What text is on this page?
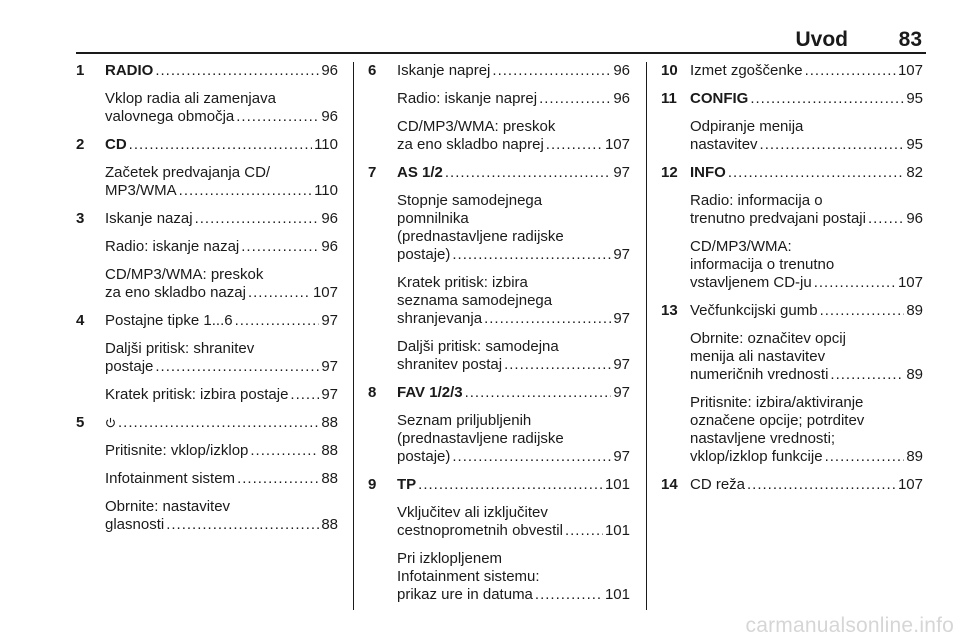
Uvod 83
1 RADIO .....	96
Vklop radia ali zamenjava
valovnega območja .....	96
2 CD .....	110
Začetek predvajanja CD/
MP3/WMA .....	110
3 Iskanje nazaj .....	96
Radio: iskanje nazaj .....	96
CD/MP3/WMA: preskok
za eno skladbo nazaj .....	107
4 Postajne tipke 1...6 .....	97
Daljši pritisk: shranitev
postaje .....	97
Kratek pritisk: izbira postaje ..... 97
5 .....	88
Pritisnite: vklop/izklop .....	88
Infotainment sistem .....	88
Obrnite: nastavitev
glasnosti .....	88
6 Iskanje naprej .....	96
Radio: iskanje naprej .....	96
CD/MP3/WMA: preskok
za eno skladbo naprej .....	107
7 AS 1/2 .....	97
Stopnje samodejnega
pomnilnika
(prednastavljene radijske
postaje) .....	97
Kratek pritisk: izbira
seznama samodejnega
shranjevanja .....	97
Daljši pritisk: samodejna
shranitev postaj .....	97
8 FAV 1/2/3 .....	97
Seznam priljubljenih
(prednastavljene radijske
postaje) .....	97
9 TP .....	101
Vključitev ali izključitev
cestnoprometnih obvestil .....	101
Pri izklopljenem
Infotainment sistemu:
prikaz ure in datuma .....	101
10 Izmet zgoščenke .....	107
11 CONFIG .....	95
Odpiranje menija
nastavitev .....	95
12 INFO .....	82
Radio: informacija o
trenutno predvajani postaji .....	96
CD/MP3/WMA:
informacija o trenutno
vstavljenem CD-ju .....	107
13 Večfunkcijski gumb .....	89
Obrnite: označitev opcij
menija ali nastavitev
numeričnih vrednosti .....	89
Pritisnite: izbira/aktiviranje
označene opcije; potrditev
nastavljene vrednosti;
vklop/izklop funkcije .....	89
14 CD reža .....	107
carmanualsonline.info
